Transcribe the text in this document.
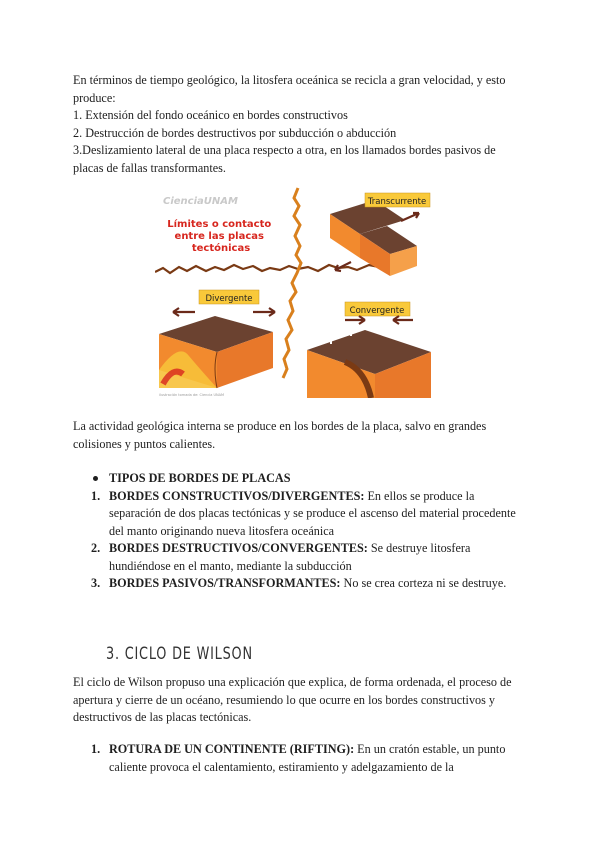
En términos de tiempo geológico, la litosfera oceánica se recicla a gran velocidad, y esto produce:
1. Extensión del fondo oceánico en bordes constructivos
2. Destrucción de bordes destructivos por subducción o abducción
3.Deslizamiento lateral de una placa respecto a otra, en los llamados bordes pasivos de placas de fallas transformantes.

CienciaUNAM
Límites o contacto entre las placas tectónicas
Transcurrente
Divergente
Convergente
ilustración tomada de: Ciencia UNAM

La actividad geológica interna se produce en los bordes de la placa, salvo en grandes colisiones y puntos calientes.

TIPOS DE BORDES DE PLACAS
1. BORDES CONSTRUCTIVOS/DIVERGENTES: En ellos se produce la separación de dos placas tectónicas y se produce el ascenso del material procedente del manto originando nueva litosfera oceánica
2. BORDES DESTRUCTIVOS/CONVERGENTES: Se destruye litosfera hundiéndose en el manto, mediante la subducción
3. BORDES PASIVOS/TRANSFORMANTES: No se crea corteza ni se destruye.
3. CICLO DE WILSON

El ciclo de Wilson propuso una explicación que explica, de forma ordenada, el proceso de apertura y cierre de un océano, resumiendo lo que ocurre en los bordes constructivos y destructivos de las placas tectónicas.

1. ROTURA DE UN CONTINENTE (RIFTING): En un cratón estable, un punto caliente provoca el calentamiento, estiramiento y adelgazamiento de la
